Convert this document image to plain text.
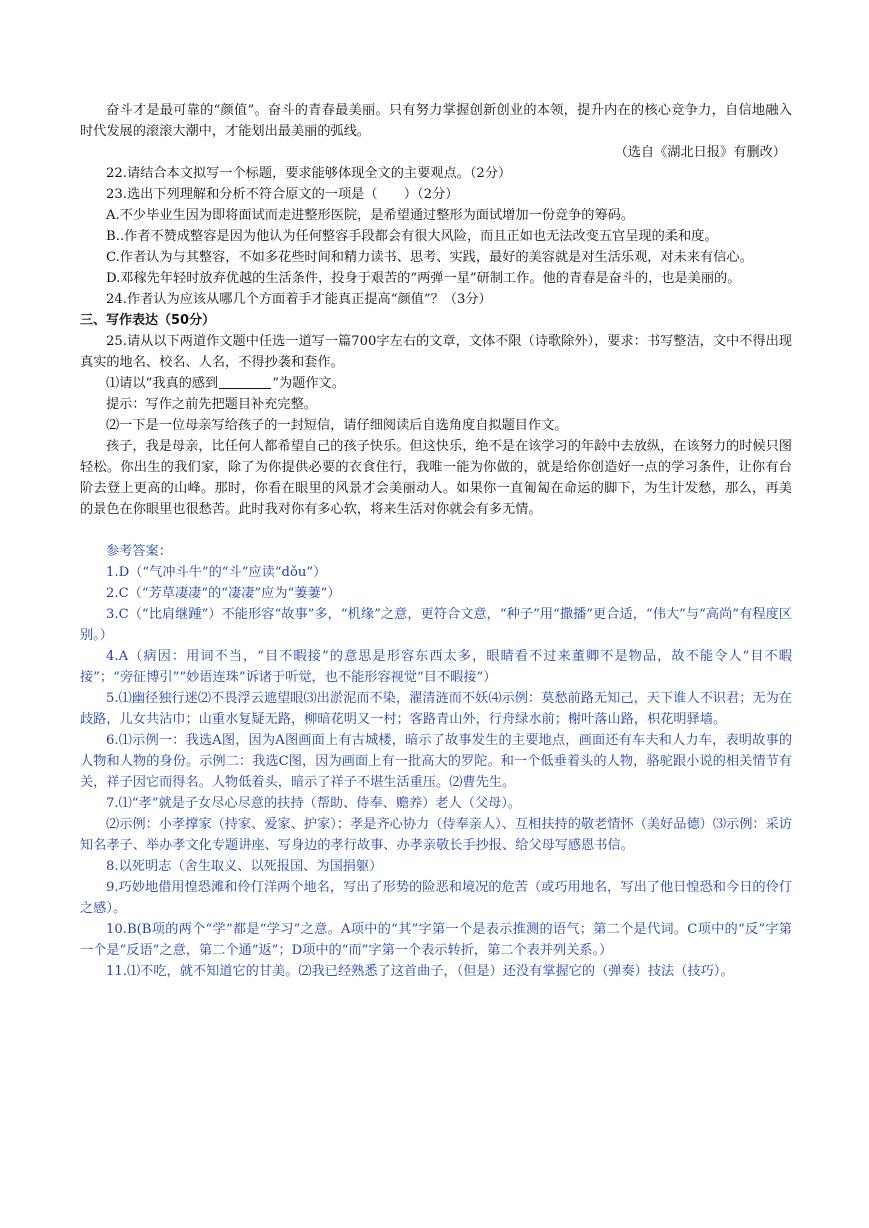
奋斗才是最可靠的“颜值”。奋斗的青春最美丽。只有努力掌握创新创业的本领，提升内在的核心竞争力，自信地融入时代发展的滚滚大潮中，才能划出最美丽的弧线。

（选自《湖北日报》有删改）

22.请结合本文拟写一个标题，要求能够体现全文的主要观点。（2分）

23.选出下列理解和分析不符合原文的一项是（　　）（2分）

A.不少毕业生因为即将面试而走进整形医院，是希望通过整形为面试增加一份竞争的筹码。

B..作者不赞成整容是因为他认为任何整容手段都会有很大风险，而且正如也无法改变五官呈现的柔和度。

C.作者认为与其整容，不如多花些时间和精力读书、思考、实践，最好的美容就是对生活乐观，对未来有信心。

D.邓稼先年轻时放弃优越的生活条件，投身于艰苦的“两弹一星”研制工作。他的青春是奋斗的，也是美丽的。

24.作者认为应该从哪几个方面着手才能真正提高“颜值”？（3分）

三、写作表达（50分）

25.请从以下两道作文题中任选一道写一篇700字左右的文章，文体不限（诗歌除外），要求：书写整洁，文中不得出现真实的地名、校名、人名，不得抄袭和套作。

⑴请以“我真的感到	”为题作文。

提示：写作之前先把题目补充完整。

⑵一下是一位母亲写给孩子的一封短信，请仔细阅读后自选角度自拟题目作文。

孩子，我是母亲，比任何人都希望自己的孩子快乐。但这快乐，绝不是在该学习的年龄中去放纵，在该努力的时候只图轻松。你出生的我们家，除了为你提供必要的衣食住行，我唯一能为你做的，就是给你创造好一点的学习条件，让你有台阶去登上更高的山峰。那时，你看在眼里的风景才会美丽动人。如果你一直匍匐在命运的脚下，为生计发愁，那么，再美的景色在你眼里也很愁苦。此时我对你有多心软，将来生活对你就会有多无情。

参考答案：

1.D（“气冲斗牛”的“斗”应读“dǒu”）

2.C（“芳草凄凄”的“凄凄”应为“萋萋”）

3.C（“比肩继踵”）不能形容“故事”多，“机缘”之意，更符合文意，“种子”用“撒播”更合适，“伟大”与“高尚”有程度区别。）

4.A（病因：用词不当，“目不暇接”的意思是形容东西太多，眼睛看不过来董卿不是物品，故不能令人“目不暇接”；“旁征博引”“妙语连珠”诉诸于听觉，也不能形容视觉“目不暇接”）

5.⑴幽径独行迷⑵不畏浮云遮望眼⑶出淤泥而不染，濯清涟而不妖⑷示例：莫愁前路无知己，天下谁人不识君；无为在歧路，儿女共沾巾；山重水复疑无路，柳暗花明又一村；客路青山外，行舟绿水前；榭叶落山路，枳花明驿墙。

6.⑴示例一：我选A图，因为A图画面上有古城楼，暗示了故事发生的主要地点，画面还有车夫和人力车，表明故事的人物和人物的身份。示例二：我选C图，因为画面上有一批高大的罗陀。和一个低垂着头的人物，骆驼跟小说的相关情节有关，祥子因它而得名。人物低着头，暗示了祥子不堪生活重压。⑵曹先生。

7.⑴“孝”就是子女尽心尽意的扶持（帮助、侍奉、赡养）老人（父母）。

⑵示例：小孝撑家（持家、爱家、护家）；孝是齐心协力（侍奉亲人）、互相扶持的敬老情怀（美好品德）⑶示例：采访知名孝子、举办孝文化专题讲座、写身边的孝行故事、办孝亲敬长手抄报、给父母写感恩书信。

8.以死明志（舍生取义、以死报国、为国捐躯）

9.巧妙地借用惶恐滩和伶仃洋两个地名，写出了形势的险恶和境况的危苦（或巧用地名，写出了他日惶恐和今日的伶仃之感）。

10.B(B项的两个“学”都是“学习”之意。A项中的“其”字第一个是表示推测的语气；第二个是代词。C项中的“反”字第一个是“反语”之意，第二个通“返”；D项中的“而”字第一个表示转折，第二个表并列关系。）

11.⑴不吃，就不知道它的甘美。⑵我已经熟悉了这首曲子，（但是）还没有掌握它的（弹奏）技法（技巧）。
